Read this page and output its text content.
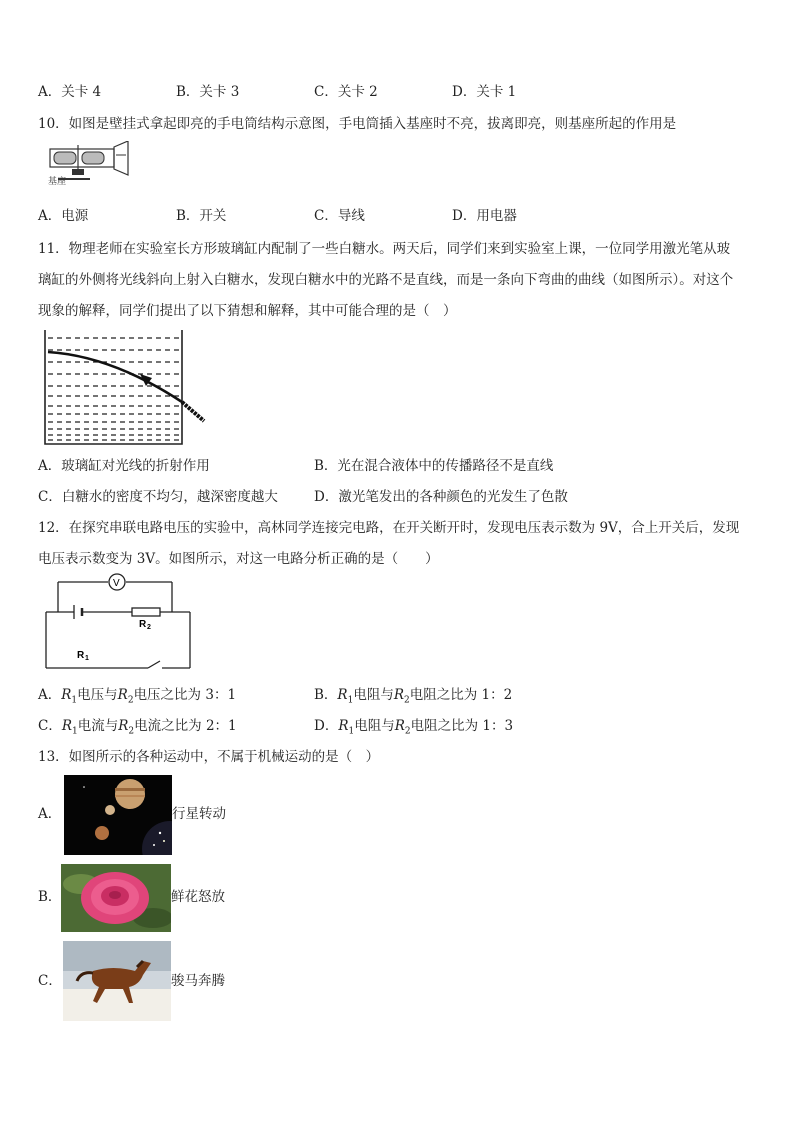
A．关卡 4	B．关卡 3	C．关卡 2	D．关卡 1
10．如图是壁挂式拿起即亮的手电筒结构示意图，手电筒插入基座时不亮，拔离即亮，则基座所起的作用是
基座
A．电源	B．开关	C．导线	D．用电器
11．物理老师在实验室长方形玻璃缸内配制了一些白糖水。两天后，同学们来到实验室上课，一位同学用激光笔从玻
璃缸的外侧将光线斜向上射入白糖水，发现白糖水中的光路不是直线，而是一条向下弯曲的曲线（如图所示）。对这个
现象的解释，同学们提出了以下猜想和解释，其中可能合理的是（　）
A．玻璃缸对光线的折射作用	B．光在混合液体中的传播路径不是直线
C．白糖水的密度不均匀，越深密度越大	D．激光笔发出的各种颜色的光发生了色散
12．在探究串联电路电压的实验中，高林同学连接完电路，在开关断开时，发现电压表示数为 9V，合上开关后，发现
电压表示数变为 3V。如图所示，对这一电路分析正确的是（　　）
V
R 2
R 1
A．$R_1$电压与$R_2$电压之比为 3：1	B．$R_1$电阻与$R_2$电阻之比为 1：2
C．$R_1$电流与$R_2$电流之比为 2：1	D．$R_1$电阻与$R_2$电阻之比为 1：3
13．如图所示的各种运动中，不属于机械运动的是（　）
A．	行星转动
B．	鲜花怒放
C．	骏马奔腾
